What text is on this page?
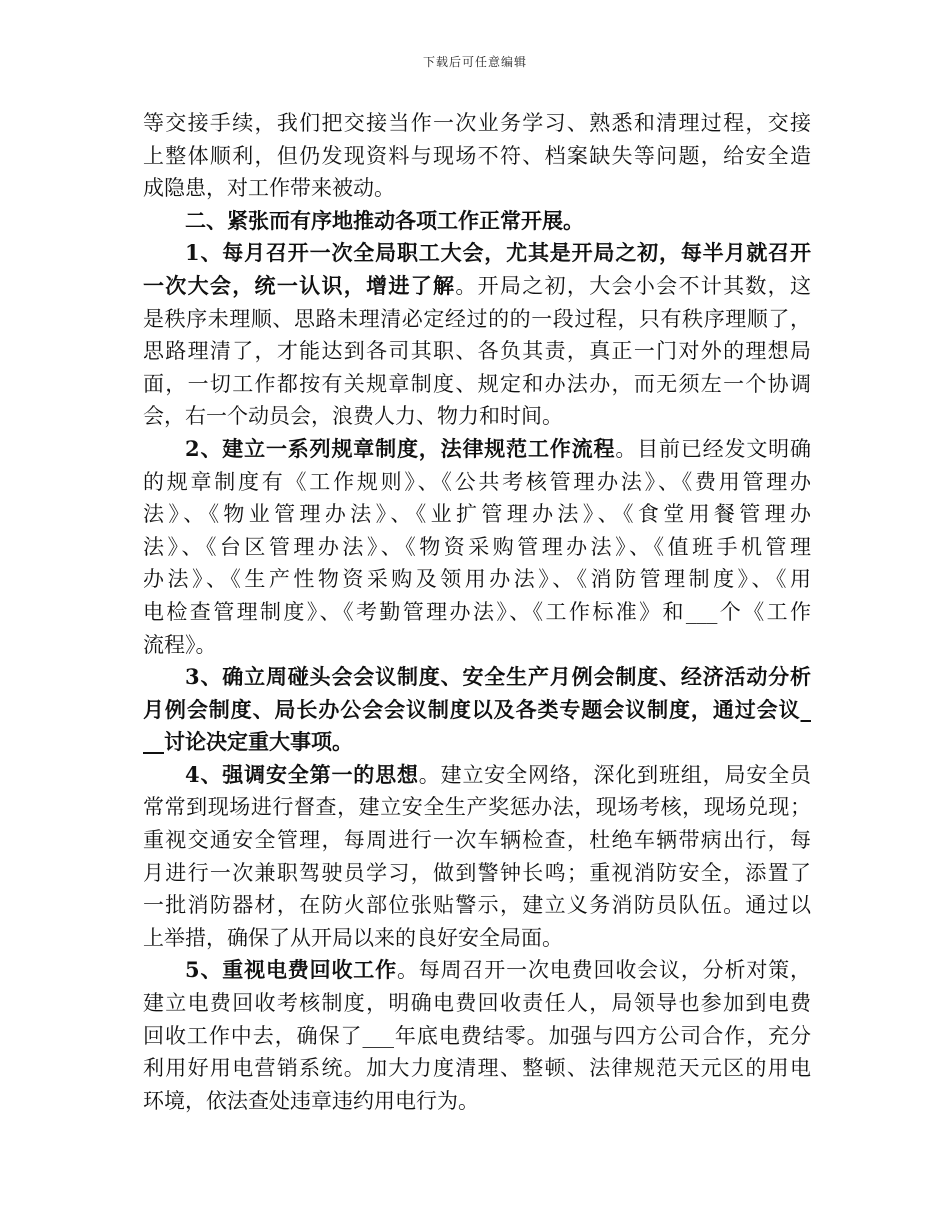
下载后可任意编辑
等交接手续，我们把交接当作一次业务学习、熟悉和清理过程，交接
上整体顺利，但仍发现资料与现场不符、档案缺失等问题，给安全造
成隐患，对工作带来被动。
二、紧张而有序地推动各项工作正常开展。
1、每月召开一次全局职工大会，尤其是开局之初，每半月就召开
一次大会，统一认识，增进了解。开局之初，大会小会不计其数，这
是秩序未理顺、思路未理清必定经过的的一段过程，只有秩序理顺了，
思路理清了，才能达到各司其职、各负其责，真正一门对外的理想局
面，一切工作都按有关规章制度、规定和办法办，而无须左一个协调
会，右一个动员会，浪费人力、物力和时间。
2、建立一系列规章制度，法律规范工作流程。目前已经发文明确
的规章制度有《工作规则》、《公共考核管理办法》、《费用管理办
法》、《物业管理办法》、《业扩管理办法》、《食堂用餐管理办
法》、《台区管理办法》、《物资采购管理办法》、《值班手机管理
办法》、《生产性物资采购及领用办法》、《消防管理制度》、《用
电检查管理制度》、《考勤管理办法》、《工作标准》和___个《工作
流程》。
3、确立周碰头会会议制度、安全生产月例会制度、经济活动分析
月例会制度、局长办公会会议制度以及各类专题会议制度，通过会议_
__讨论决定重大事项。
4、强调安全第一的思想。建立安全网络，深化到班组，局安全员
常常到现场进行督查，建立安全生产奖惩办法，现场考核，现场兑现；
重视交通安全管理，每周进行一次车辆检查，杜绝车辆带病出行，每
月进行一次兼职驾驶员学习，做到警钟长鸣；重视消防安全，添置了
一批消防器材，在防火部位张贴警示，建立义务消防员队伍。通过以
上举措，确保了从开局以来的良好安全局面。
5、重视电费回收工作。每周召开一次电费回收会议，分析对策，
建立电费回收考核制度，明确电费回收责任人，局领导也参加到电费
回收工作中去，确保了___年底电费结零。加强与四方公司合作，充分
利用好用电营销系统。加大力度清理、整顿、法律规范天元区的用电
环境，依法查处违章违约用电行为。
